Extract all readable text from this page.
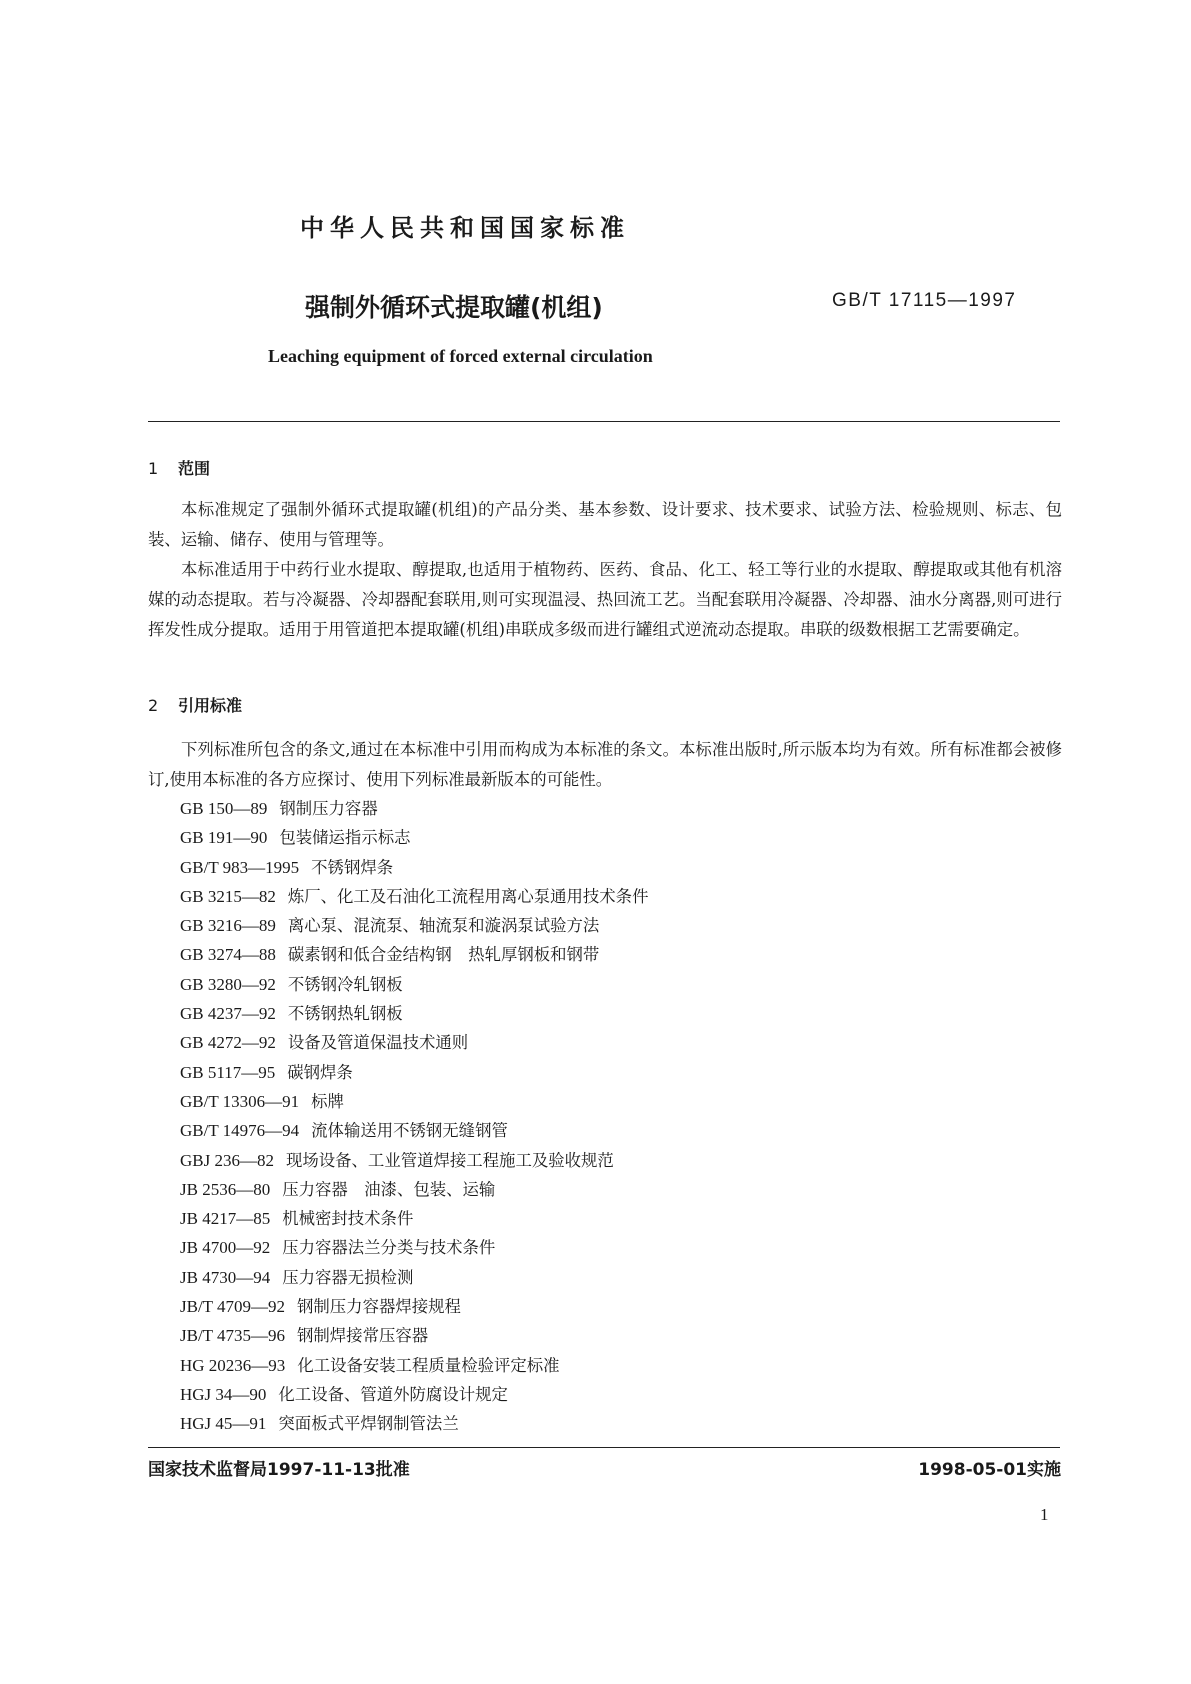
中华人民共和国国家标准
强制外循环式提取罐(机组)	GB/T 17115—1997
Leaching equipment of forced external circulation
1 范围
本标准规定了强制外循环式提取罐(机组)的产品分类、基本参数、设计要求、技术要求、试验方法、检验规则、标志、包装、运输、储存、使用与管理等。
本标准适用于中药行业水提取、醇提取,也适用于植物药、医药、食品、化工、轻工等行业的水提取、醇提取或其他有机溶媒的动态提取。若与冷凝器、冷却器配套联用,则可实现温浸、热回流工艺。当配套联用冷凝器、冷却器、油水分离器,则可进行挥发性成分提取。适用于用管道把本提取罐(机组)串联成多级而进行罐组式逆流动态提取。串联的级数根据工艺需要确定。
2 引用标准
下列标准所包含的条文,通过在本标准中引用而构成为本标准的条文。本标准出版时,所示版本均为有效。所有标准都会被修订,使用本标准的各方应探讨、使用下列标准最新版本的可能性。
GB 150—89 钢制压力容器
GB 191—90 包装储运指示标志
GB/T 983—1995 不锈钢焊条
GB 3215—82 炼厂、化工及石油化工流程用离心泵通用技术条件
GB 3216—89 离心泵、混流泵、轴流泵和漩涡泵试验方法
GB 3274—88 碳素钢和低合金结构钢　热轧厚钢板和钢带
GB 3280—92 不锈钢冷轧钢板
GB 4237—92 不锈钢热轧钢板
GB 4272—92 设备及管道保温技术通则
GB 5117—95 碳钢焊条
GB/T 13306—91 标牌
GB/T 14976—94 流体输送用不锈钢无缝钢管
GBJ 236—82 现场设备、工业管道焊接工程施工及验收规范
JB 2536—80 压力容器　油漆、包装、运输
JB 4217—85 机械密封技术条件
JB 4700—92 压力容器法兰分类与技术条件
JB 4730—94 压力容器无损检测
JB/T 4709—92 钢制压力容器焊接规程
JB/T 4735—96 钢制焊接常压容器
HG 20236—93 化工设备安装工程质量检验评定标准
HGJ 34—90 化工设备、管道外防腐设计规定
HGJ 45—91 突面板式平焊钢制管法兰
国家技术监督局1997-11-13批准	1998-05-01实施
1
